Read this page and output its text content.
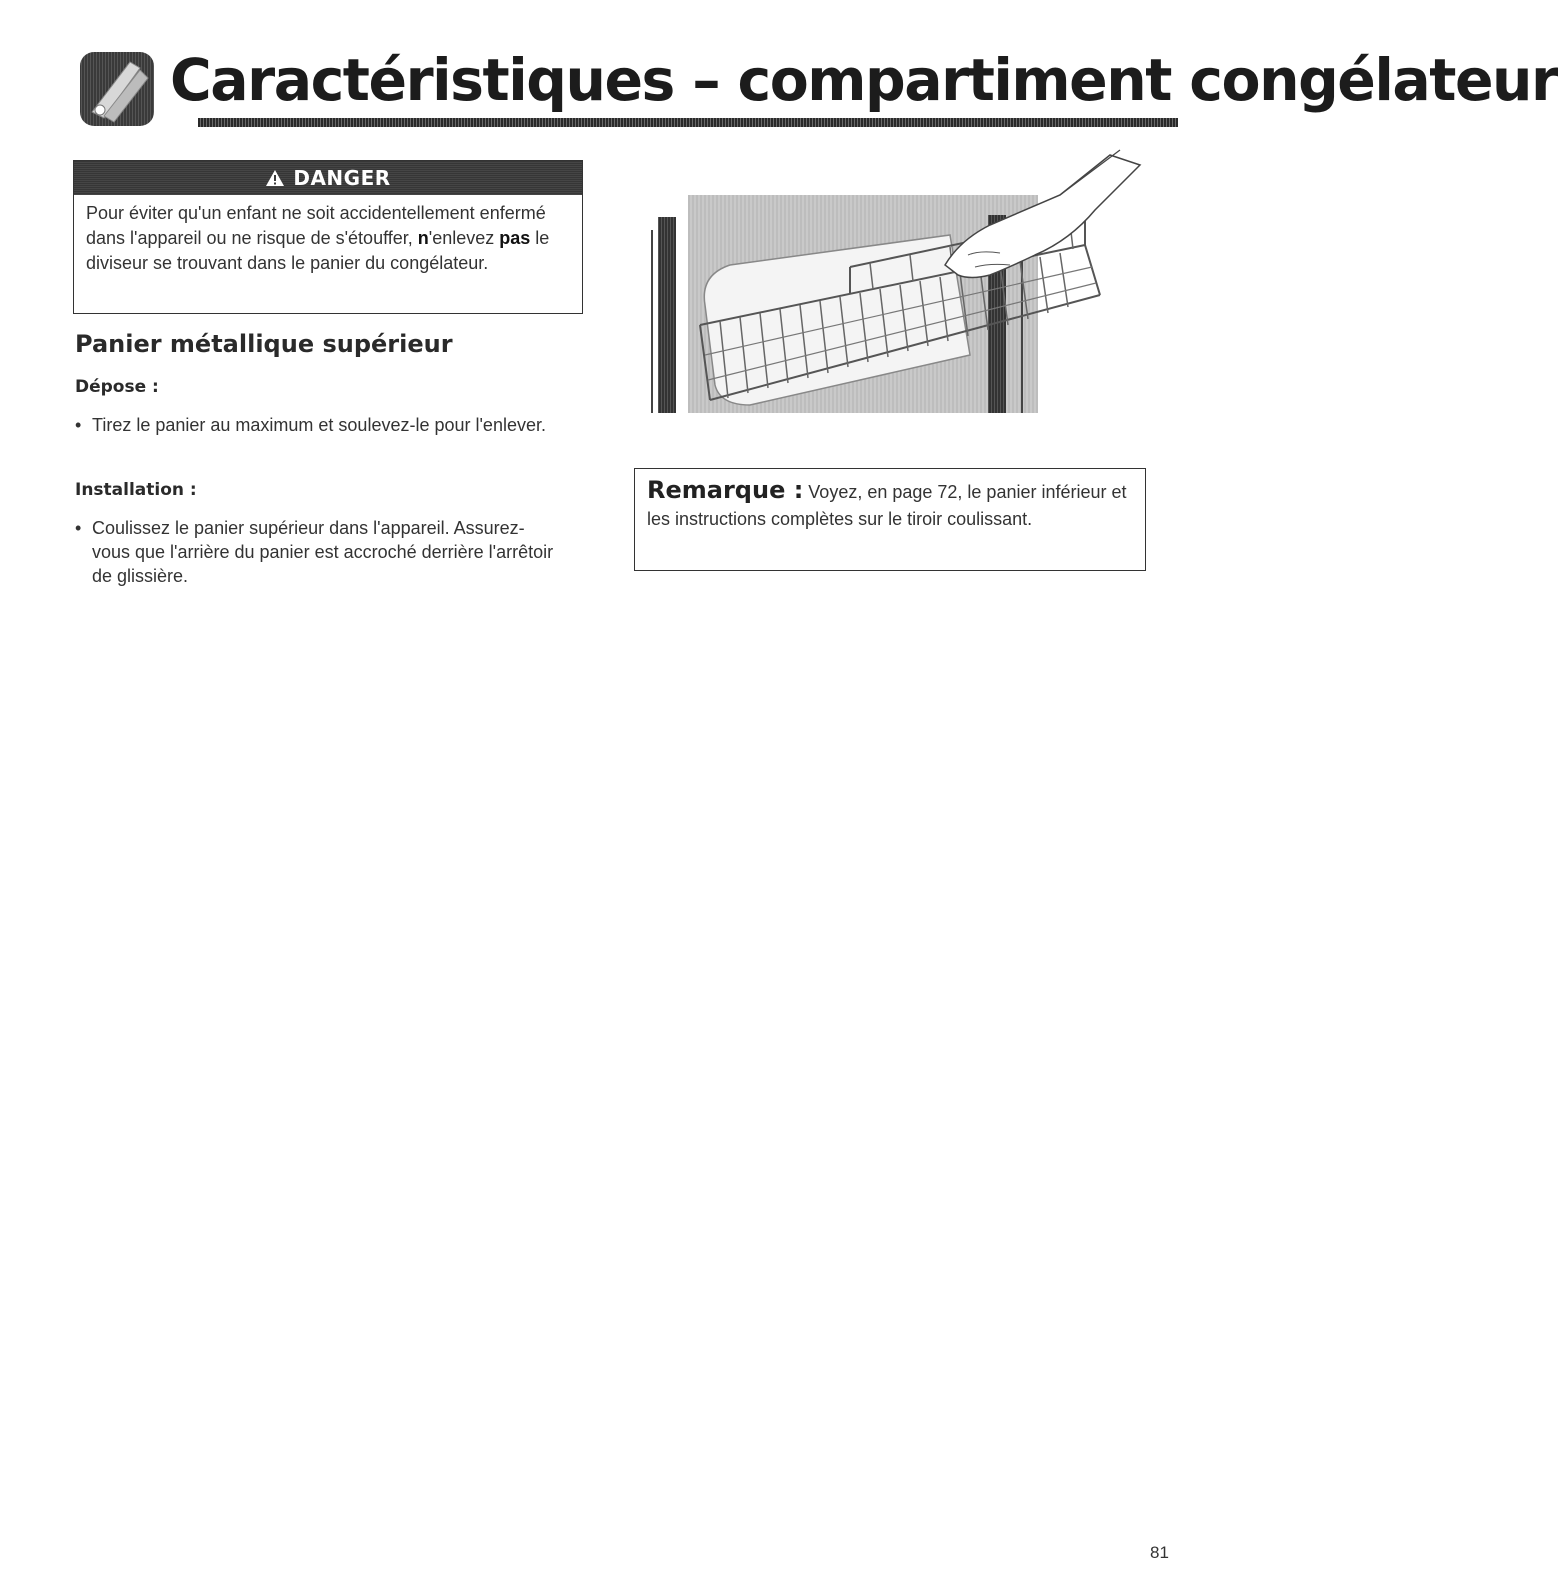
Caractéristiques – compartiment congélateur
DANGER
Pour éviter qu'un enfant ne soit accidentellement enfermé dans l'appareil ou ne risque de s'étouffer, n'enlevez pas le diviseur se trouvant dans le panier du congélateur.
Panier métallique supérieur
Dépose :
• Tirez le panier au maximum et soulevez-le pour l'enlever.
Installation :
• Coulissez le panier supérieur dans l'appareil. Assurez-vous que l'arrière du panier est accroché derrière l'arrêtoir de glissière.
Remarque : Voyez, en page 72, le panier inférieur et les instructions complètes sur le tiroir coulissant.
81
